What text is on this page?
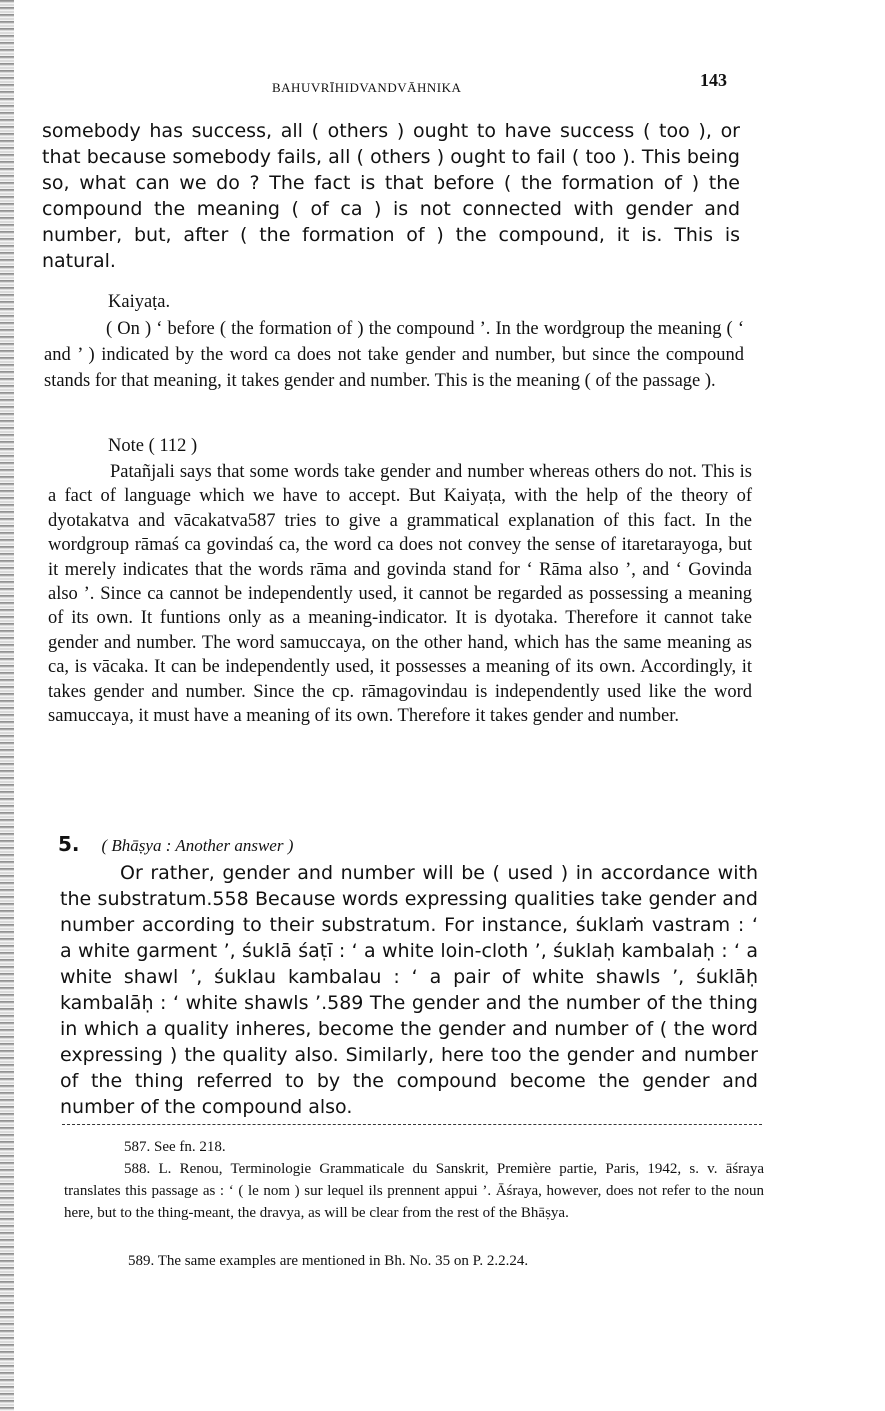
BAHUVRĪHIDVANDVĀHNIKA	143

somebody has success, all ( others ) ought to have success ( too ), or that because somebody fails, all ( others ) ought to fail ( too ). This being so, what can we do ? The fact is that before ( the formation of ) the compound the meaning ( of ca ) is not connected with gender and number, but, after ( the formation of ) the compound, it is. This is natural.

Kaiyaṭa.

( On ) ‘ before ( the formation of ) the compound ’. In the wordgroup the meaning ( ‘ and ’ ) indicated by the word ca does not take gender and number, but since the compound stands for that meaning, it takes gender and number. This is the meaning ( of the passage ).

Note ( 112 )

Patañjali says that some words take gender and number whereas others do not. This is a fact of language which we have to accept. But Kaiyaṭa, with the help of the theory of dyotakatva and vācakatva587 tries to give a grammatical explanation of this fact. In the wordgroup rāmaś ca govindaś ca, the word ca does not convey the sense of itaretarayoga, but it merely indicates that the words rāma and govinda stand for ‘ Rāma also ’, and ‘ Govinda also ’. Since ca cannot be independently used, it cannot be regarded as possessing a meaning of its own. It funtions only as a meaning-indicator. It is dyotaka. Therefore it cannot take gender and number. The word samuccaya, on the other hand, which has the same meaning as ca, is vācaka. It can be independently used, it possesses a meaning of its own. Accordingly, it takes gender and number. Since the cp. rāmagovindau is independently used like the word samuccaya, it must have a meaning of its own. Therefore it takes gender and number.

5. ( Bhāṣya : Another answer )

Or rather, gender and number will be ( used ) in accordance with the substratum.558 Because words expressing qualities take gender and number according to their substratum. For instance, śuklaṁ vastram : ‘ a white garment ’, śuklā śaṭī : ‘ a white loin-cloth ’, śuklaḥ kambalaḥ : ‘ a white shawl ’, śuklau kambalau : ‘ a pair of white shawls ’, śuklāḥ kambalāḥ : ‘ white shawls ’.589 The gender and the number of the thing in which a quality inheres, become the gender and number of ( the word expressing ) the quality also. Similarly, here too the gender and number of the thing referred to by the compound become the gender and number of the compound also.

587. See fn. 218.

588. L. Renou, Terminologie Grammaticale du Sanskrit, Première partie, Paris, 1942, s. v. āśraya translates this passage as : ‘ ( le nom ) sur lequel ils prennent appui ’. Āśraya, however, does not refer to the noun here, but to the thing-meant, the dravya, as will be clear from the rest of the Bhāṣya.

589. The same examples are mentioned in Bh. No. 35 on P. 2.2.24.
